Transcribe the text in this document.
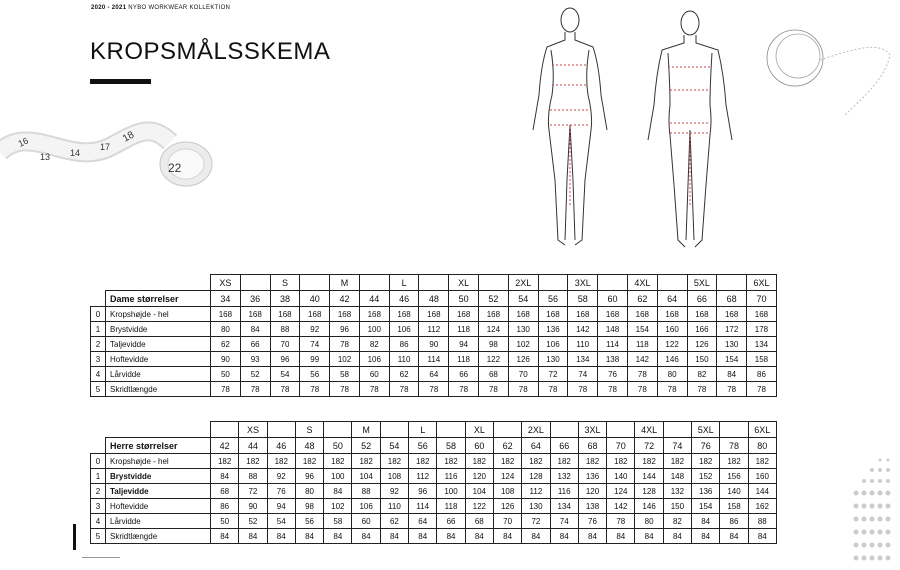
2020 - 2021 NYBO WORKWEAR KOLLEKTION
KROPSMÅLSSKEMA
16
13 14
17
18
22
		XS		S		M		L		XL		2XL		3XL		4XL		5XL		6XL
	Dame størrelser	34	36	38	40	42	44	46	48	50	52	54	56	58	60	62	64	66	68	70
0	Kropshøjde - hel	168	168	168	168	168	168	168	168	168	168	168	168	168	168	168	168	168	168	168
1	Brystvidde	80	84	88	92	96	100	106	112	118	124	130	136	142	148	154	160	166	172	178
2	Taljevidde	62	66	70	74	78	82	86	90	94	98	102	106	110	114	118	122	126	130	134
3	Hoftevidde	90	93	96	99	102	106	110	114	118	122	126	130	134	138	142	146	150	154	158
4	Lårvidde	50	52	54	56	58	60	62	64	66	68	70	72	74	76	78	80	82	84	86
5	Skridtlængde	78	78	78	78	78	78	78	78	78	78	78	78	78	78	78	78	78	78	78
			XS		S		M		L		XL		2XL		3XL		4XL		5XL		6XL
	Herre størrelser	42	44	46	48	50	52	54	56	58	60	62	64	66	68	70	72	74	76	78	80
0	Kropshøjde - hel	182	182	182	182	182	182	182	182	182	182	182	182	182	182	182	182	182	182	182	182
1	Brystvidde	84	88	92	96	100	104	108	112	116	120	124	128	132	136	140	144	148	152	156	160
2	Taljevidde	68	72	76	80	84	88	92	96	100	104	108	112	116	120	124	128	132	136	140	144
3	Hoftevidde	86	90	94	98	102	106	110	114	118	122	126	130	134	138	142	146	150	154	158	162
4	Lårvidde	50	52	54	56	58	60	62	64	66	68	70	72	74	76	78	80	82	84	86	88
5	Skridtlængde	84	84	84	84	84	84	84	84	84	84	84	84	84	84	84	84	84	84	84	84
